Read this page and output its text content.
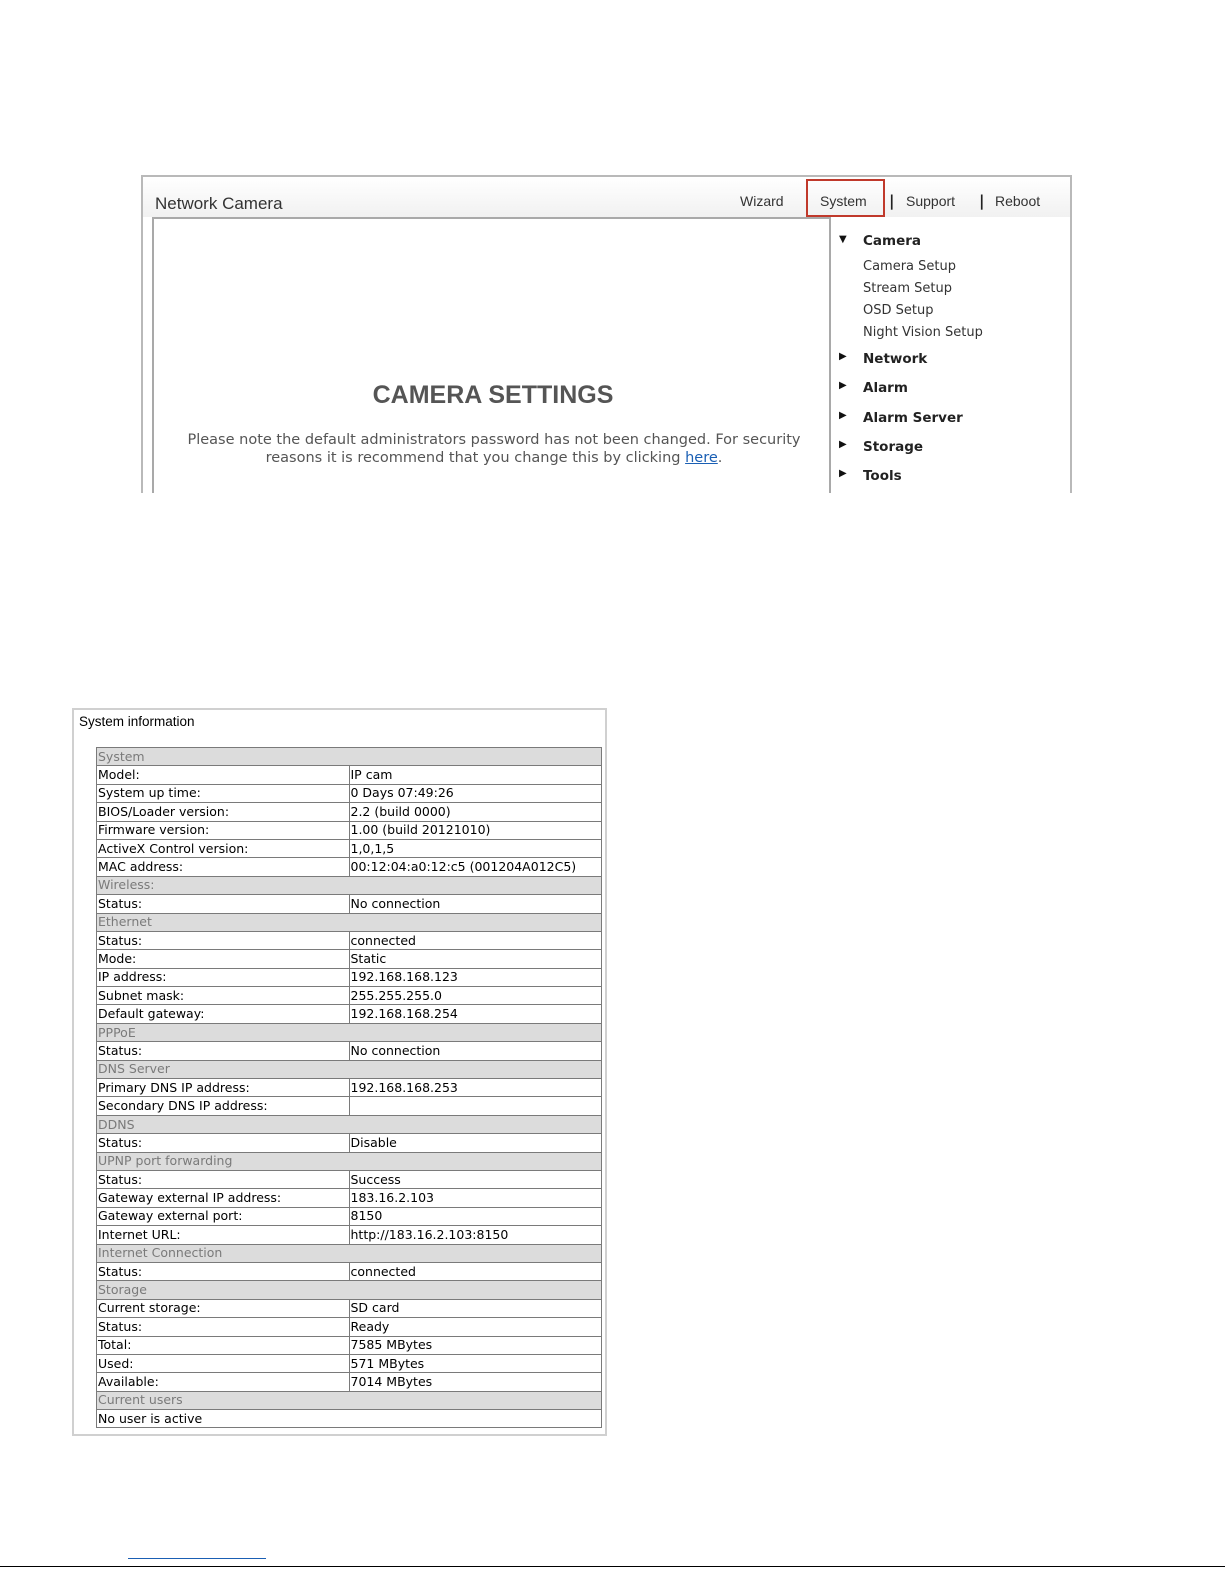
Network Camera	Wizard	System | Support | Reboot
CAMERA SETTINGS
Please note the default administrators password has not been changed. For security reasons it is recommend that you change this by clicking here.
▼ Camera
Camera Setup
Stream Setup
OSD Setup
Night Vision Setup
▶ Network
▶ Alarm
▶ Alarm Server
▶ Storage
▶ Tools
System information
System	
Model:	IP cam
System up time:	0 Days 07:49:26
BIOS/Loader version:	2.2 (build 0000)
Firmware version:	1.00 (build 20121010)
ActiveX Control version:	1,0,1,5
MAC address:	00:12:04:a0:12:c5 (001204A012C5)
Wireless:	
Status:	No connection
Ethernet	
Status:	connected
Mode:	Static
IP address:	192.168.168.123
Subnet mask:	255.255.255.0
Default gateway:	192.168.168.254
PPPoE	
Status:	No connection
DNS Server	
Primary DNS IP address:	192.168.168.253
Secondary DNS IP address:	
DDNS	
Status:	Disable
UPNP port forwarding	
Status:	Success
Gateway external IP address:	183.16.2.103
Gateway external port:	8150
Internet URL:	http://183.16.2.103:8150
Internet Connection	
Status:	connected
Storage	
Current storage:	SD card
Status:	Ready
Total:	7585 MBytes
Used:	571 MBytes
Available:	7014 MBytes
Current users	
No user is active	
